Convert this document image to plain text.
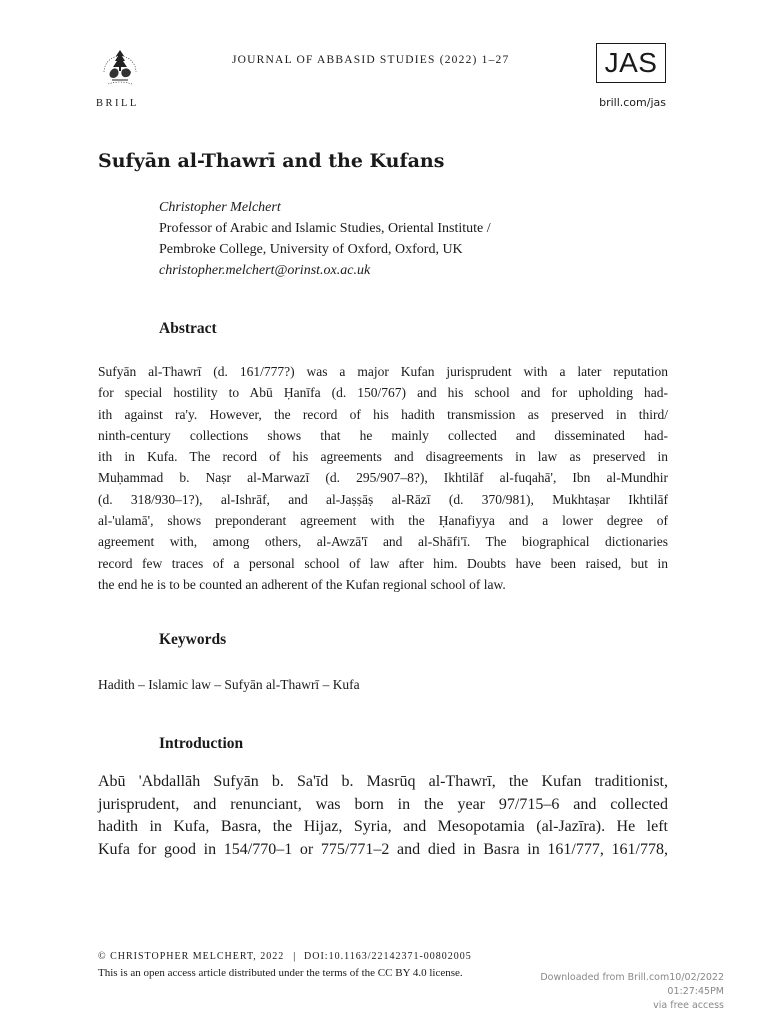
BRILL
JOURNAL OF ABBASID STUDIES (2022) 1–27	JAS
brill.com/jas
Sufyān al-Thawrī and the Kufans
Christopher Melchert
Professor of Arabic and Islamic Studies, Oriental Institute /
Pembroke College, University of Oxford, Oxford, UK
christopher.melchert@orinst.ox.ac.uk
Abstract
Sufyān al-Thawrī (d. 161/777?) was a major Kufan jurisprudent with a later reputation
for special hostility to Abū Ḥanīfa (d. 150/767) and his school and for upholding had-
ith against ra'y. However, the record of his hadith transmission as preserved in third/
ninth-century collections shows that he mainly collected and disseminated had-
ith in Kufa. The record of his agreements and disagreements in law as preserved in
Muḥammad b. Naṣr al-Marwazī (d. 295/907–8?), Ikhtilāf al-fuqahā', Ibn al-Mundhir
(d. 318/930–1?), al-Ishrāf, and al-Jaṣṣāṣ al-Rāzī (d. 370/981), Mukhtaṣar Ikhtilāf
al-'ulamā', shows preponderant agreement with the Ḥanafiyya and a lower degree of
agreement with, among others, al-Awzā'ī and al-Shāfi'ī. The biographical dictionaries
record few traces of a personal school of law after him. Doubts have been raised, but in
the end he is to be counted an adherent of the Kufan regional school of law.
Keywords
Hadith – Islamic law – Sufyān al-Thawrī – Kufa
Introduction
Abū 'Abdallāh Sufyān b. Sa'īd b. Masrūq al-Thawrī, the Kufan traditionist,
jurisprudent, and renunciant, was born in the year 97/715–6 and collected
hadith in Kufa, Basra, the Hijaz, Syria, and Mesopotamia (al-Jazīra). He left
Kufa for good in 154/770–1 or 775/771–2 and died in Basra in 161/777, 161/778,
© CHRISTOPHER MELCHERT, 2022 | DOI:10.1163/22142371-00802005
This is an open access article distributed under the terms of the CC BY 4.0 license.	Downloaded from Brill.com10/02/2022 01:27:45PM
via free access
